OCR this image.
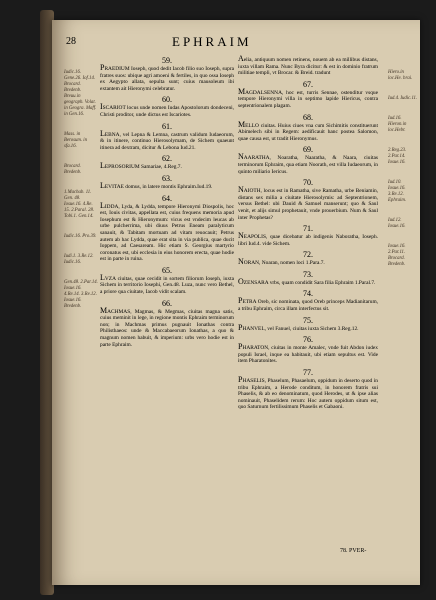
28	EPHRAIM
Iudic.16. Gene.26. Iof.14. Brocard. Bredenb. Breuu.in geograph. Volat. in Geogra. Maff. in Gen.16.
Mass. in Berosum. in sfa.16.
Brocard. Bredenb.
1.Machab. 11. Gen. 48. Iosue.16. 4.Re. 15. 2.Paral. 28. Tobi.1. Gen.14.
Iudic.16. Pro.39.
Iudi.1. 3.Re.12. Iudic.16.
Gen.48. 2.Par.14. Iosue.16. 4.Re.14. 3.Re.12. Iosue.16. Bredenb.
59.
PRAEDIUM Ioseph, quod dedit Iacob filio suo Ioseph, supra fratres suos: ubique agri amoeni & fertiles, in quo ossa Ioseph ex Aegypto allata, sepulta sunt; cuius mausoleum ibi extantem ait Hieronymi celebratur.
60.
ISCARIOT locus unde nomen Iudas Apostolorum dondeceni, Christi proditor, unde dictus est Iscariotes.
61.
LEBNA, vel Lepna & Lemna, castrum validum Iudaeorum, & in itinere, continuo Hierosolymam, de Sichem quaeunt itinera ad dextram, dicitur & Lebona Iud.21.
62.
LEPROSORIUM Samariae, 4.Reg.7.
63.
LEVITAE domus, in latere montis Ephraim.Iud.19.
64.
LIDDA, Lyda, & Lydda, tempore Hieronymi Diospolis, hoc est, Iouis civitas, appellata est, cuius frequens memoria apud Iosephum est & Hieronymum: vicus est vndecim leucas ab urbe pulcherrima, ubi diuus Petrus Eneam paralyticum sanauit, & Tabitam mortuam ad vitam reuocauit; Petrus autem ab hac Lydda, quae erat sita in via publica, quae ducit Ioppem, ad Caesaream. Hic etiam S. Georgius martyrio coronatus est, ubi ecclesia in eius honorem erecta, quae hodie est in parte in ruina.
65.
LVZA ciuitas, quae cecidit in sortem filiorum Ioseph, iuxta Sichem in territorio Iosephi, Gen.48. Luza, nunc vero Bethel, a priore qua ciuitate, Iacob vidit scalam.
66.
MACHMAS, Magmas, & Megmas, ciuitas magna satis, cuius meminit in lege, in regione montis Ephraim terminorum non; in Machmas primus pugnauit Ionathas contra Philisthaeos: unde & Maccabaeorum Ionathas, a quo & magnum nomen habuit, & imperium: urbs vero hodie est in parte Ephraim.
Aelia, antiquum nomen retinens, nouem ab ea millibus distans, iuxta villam Rama. Nunc Byra dicitur: & est in dominio fratrum militiae templi, vt Brocar. & Breid. tradunt
67.
MAGDALSENNA, hoc est, turris Sennae, ostenditur vsque tempore Hieronymi villa in septimo lapide Hiericus, contra septentrionalem plagam.
68.
MELLO ciuitas. Huius ciues vna cum Sichimitis constituerunt Abimelech sibi in Regem: aedificauit hanc postea Salomon, quae causa est, ut tradit Hieronymus.
69.
NAARATHA, Noaratha, Naaratha, & Naara, ciuitas terminorum Ephraim, qua etiam Noorath, est villa Iudaeorum, in quinto miliario Iericus.
70.
NAIOTH, locus est in Ramatha, sive Ramatha, urbe Beniamin, distans sex milia a ciuitate Hierosolymis: ad Septentrionem, versus Bethel: ubi Dauid & Samuel manserunt; quo & Saul venit, et alijs simul prophetauit, vnde prouerbium. Num & Saul inter Prophetas?
71.
NEAPOLIS, quae dicebatur ab indigenis Naboratha, Ioseph. libri Iud.4. vide Sichem.
72.
NORAN, Noaran, nomen loci 1.Para.7.
73.
OZENSARA vrbs, quam condidit Sara filia Ephraim 1.Paral.7.
74.
PETRA Oreb, sic nominata, quod Oreb princeps Madianitarum, a tribu Ephraim, circa illam interfectus sit.
75.
PHANVEL, vel Fanuel, ciuitas iuxta Sichem 3.Reg.12.
76.
PHARATON, ciuitas in monte Amalec, vnde fuit Abdon iudex populi Israel, inque ea habitauit, ubi etiam sepultus est. Vide item Pharatonites.
77.
PHASELIS, Phaselum, Phasaelum, oppidum in deserto quod in tribu Ephraim, a Herode conditum, in honorem fratris sui Phaselis, & ab eo denominatum, quod Herodes, ut & ipse alias nominauit, Phaselidem rerum: Hoc autem oppidum situm est, quo Saturnum fertilissimum Phaselis et Gabaoni.
Hiero.in loc.He. brai.
Iud.4. Iudic.11.
Iud.16. Hieron.in loc.Hebr.
2.Reg.23. 2.Par.14. Iosue.16.
Iud.10. Iosue.16. 3.Re.12. Ephraim.
Iud.12. Iosue.16.
Iosue.16. 2.Par.11. Brocard. Bredenb.
78. PVER-
